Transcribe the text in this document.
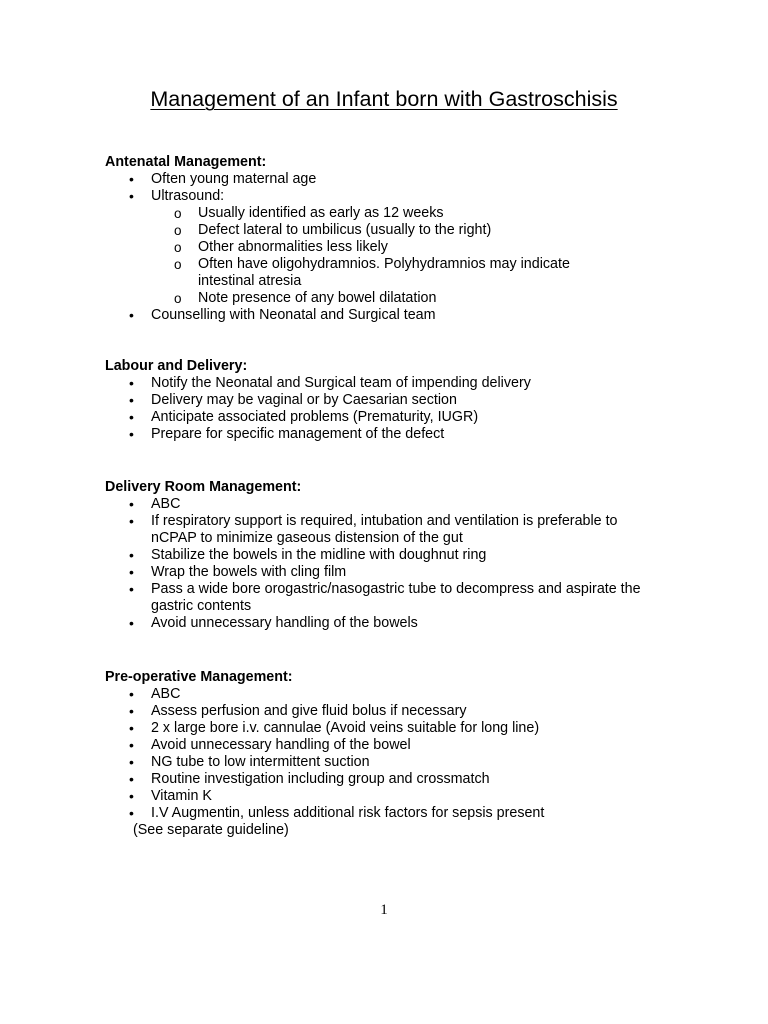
Management of an Infant born with Gastroschisis

Antenatal Management:

• Often young maternal age
• Ultrasound:
o Usually identified as early as 12 weeks
o Defect lateral to umbilicus (usually to the right)
o Other abnormalities less likely
o Often have oligohydramnios. Polyhydramnios may indicate intestinal atresia
o Note presence of any bowel dilatation
• Counselling with Neonatal and Surgical team

Labour and Delivery:

• Notify the Neonatal and Surgical team of impending delivery
• Delivery may be vaginal or by Caesarian section
• Anticipate associated problems (Prematurity, IUGR)
• Prepare for specific management of the defect

Delivery Room Management:

• ABC
• If respiratory support is required, intubation and ventilation is preferable to nCPAP to minimize gaseous distension of the gut
• Stabilize the bowels in the midline with doughnut ring
• Wrap the bowels with cling film
• Pass a wide bore orogastric/nasogastric tube to decompress and aspirate the gastric contents
• Avoid unnecessary handling of the bowels

Pre-operative Management:

• ABC
• Assess perfusion and give fluid bolus if necessary
• 2 x large bore i.v. cannulae (Avoid veins suitable for long line)
• Avoid unnecessary handling of the bowel
• NG tube to low intermittent suction
• Routine investigation including group and crossmatch
• Vitamin K
• I.V Augmentin, unless additional risk factors for sepsis present
(See separate guideline)
1
